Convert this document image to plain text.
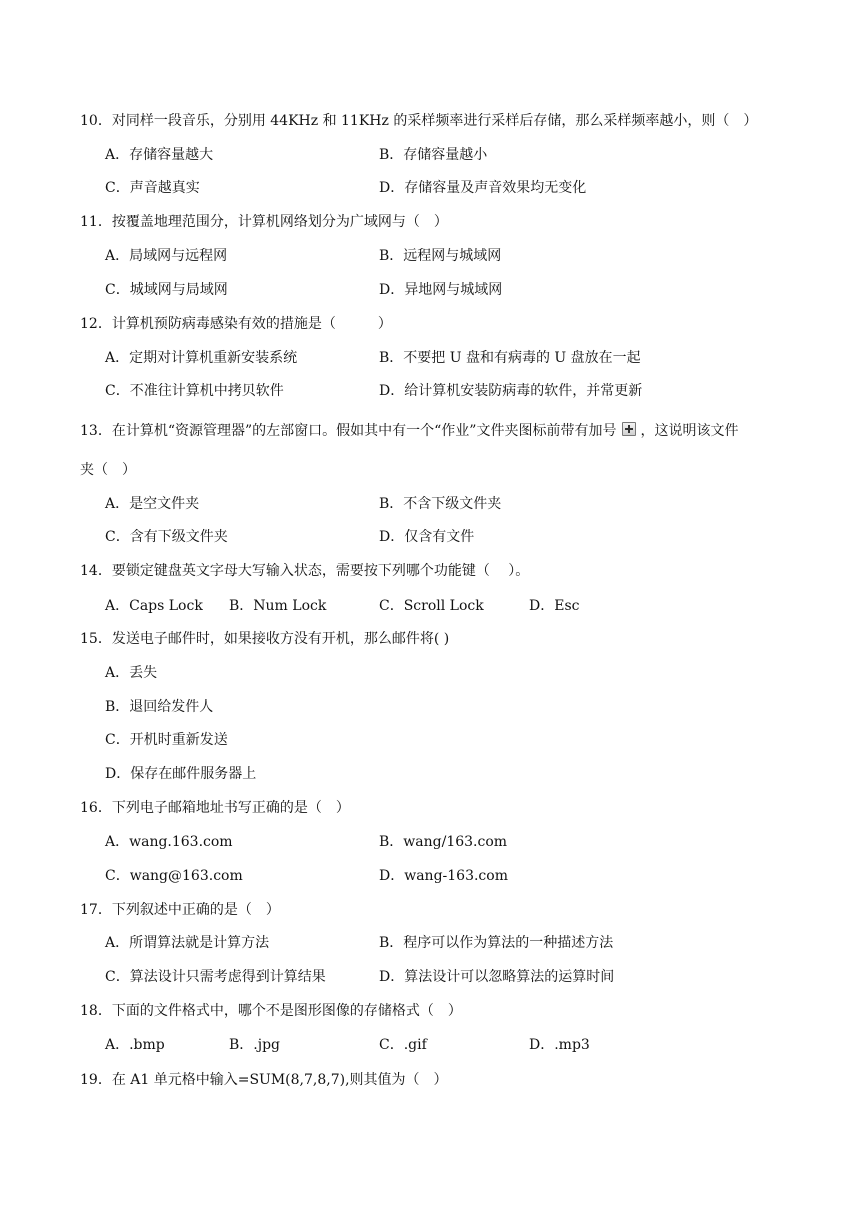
10．对同样一段音乐，分别用 44KHz 和 11KHz 的采样频率进行采样后存储，那么采样频率越小，则（　）
A．存储容量越大	B．存储容量越小
C．声音越真实	D．存储容量及声音效果均无变化
11．按覆盖地理范围分，计算机网络划分为广域网与（　）
A．局域网与远程网	B．远程网与城域网
C．城域网与局域网	D．异地网与城域网
12．计算机预防病毒感染有效的措施是（　　　）
A．定期对计算机重新安装系统	B．不要把 U 盘和有病毒的 U 盘放在一起
C．不准往计算机中拷贝软件	D．给计算机安装防病毒的软件，并常更新
13．在计算机“资源管理器”的左部窗口。假如其中有一个“作业”文件夹图标前带有加号 ，这说明该文件
夹（　）
A．是空文件夹	B．不含下级文件夹
C．含有下级文件夹	D．仅含有文件
14．要锁定键盘英文字母大写输入状态，需要按下列哪个功能键（　 ）。
A．Caps Lock B．Num Lock	C．Scroll Lock	D．Esc
15．发送电子邮件时，如果接收方没有开机，那么邮件将( )
A．丢失
B．退回给发件人
C．开机时重新发送
D．保存在邮件服务器上
16．下列电子邮箱地址书写正确的是（　）
A．wang.163.com	B．wang/163.com
C．wang@163.com	D．wang-163.com
17．下列叙述中正确的是（　）
A．所谓算法就是计算方法	B．程序可以作为算法的一种描述方法
C．算法设计只需考虑得到计算结果	D．算法设计可以忽略算法的运算时间
18．下面的文件格式中，哪个不是图形图像的存储格式（　）
A．.bmp	B．.jpg	C．.gif	D．.mp3
19．在 A1 单元格中输入=SUM(8,7,8,7),则其值为（　）
